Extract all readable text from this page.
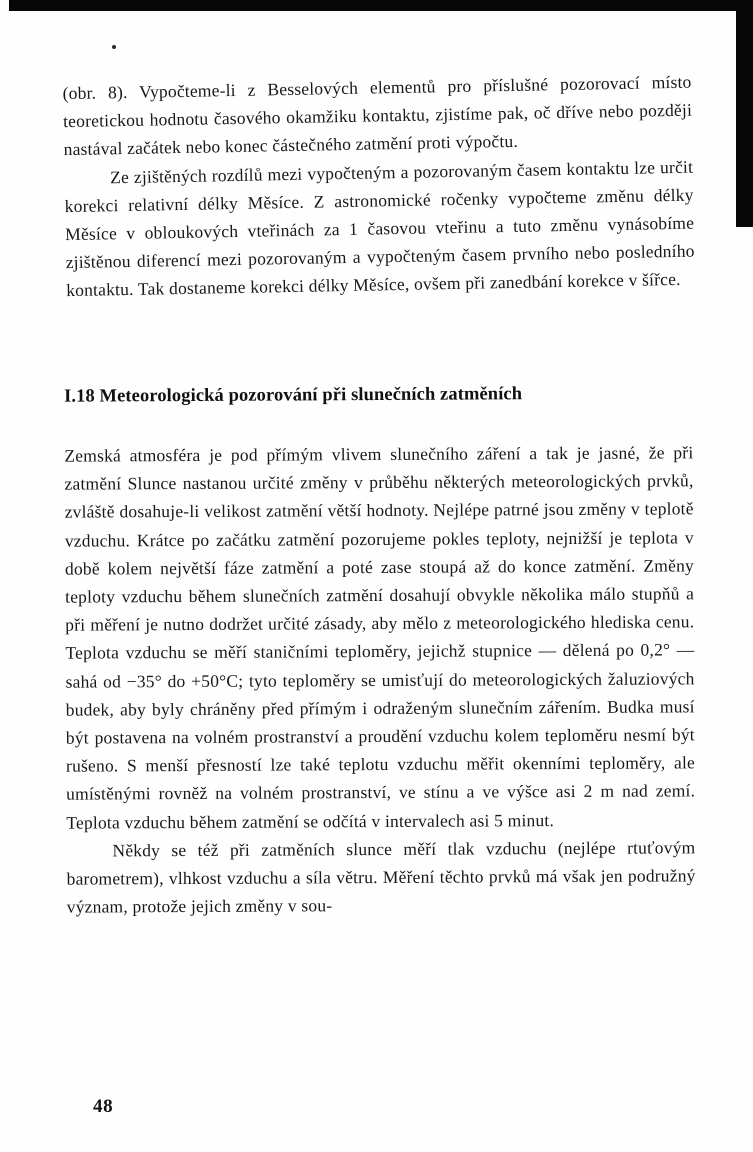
(obr. 8). Vypočteme-li z Besselových elementů pro příslušné pozorovací místo teoretickou hodnotu časového okamžiku kontaktu, zjistíme pak, oč dříve nebo později nastával začátek nebo konec částečného zatmění proti výpočtu.

Ze zjištěných rozdílů mezi vypočteným a pozorovaným časem kontaktu lze určit korekci relativní délky Měsíce. Z astronomické ročenky vypočteme změnu délky Měsíce v obloukových vteřinách za 1 časovou vteřinu a tuto změnu vynásobíme zjištěnou diferencí mezi pozorovaným a vypočteným časem prvního nebo posledního kontaktu. Tak dostaneme korekci délky Měsíce, ovšem při zanedbání korekce v šířce.

I.18 Meteorologická pozorování při slunečních zatměních

Zemská atmosféra je pod přímým vlivem slunečního záření a tak je jasné, že při zatmění Slunce nastanou určité změny v průběhu některých meteorologických prvků, zvláště dosahuje-li velikost zatmění větší hodnoty. Nejlépe patrné jsou změny v teplotě vzduchu. Krátce po začátku zatmění pozorujeme pokles teploty, nejnižší je teplota v době kolem největší fáze zatmění a poté zase stoupá až do konce zatmění. Změny teploty vzduchu během slunečních zatmění dosahují obvykle několika málo stupňů a při měření je nutno dodržet určité zásady, aby mělo z meteorologického hlediska cenu. Teplota vzduchu se měří staničními teploměry, jejichž stupnice — dělená po 0,2° — sahá od −35° do +50°C; tyto teploměry se umisťují do meteorologických žaluziových budek, aby byly chráněny před přímým i odraženým slunečním zářením. Budka musí být postavena na volném prostranství a proudění vzduchu kolem teploměru nesmí být rušeno. S menší přesností lze také teplotu vzduchu měřit okenními teploměry, ale umístěnými rovněž na volném prostranství, ve stínu a ve výšce asi 2 m nad zemí. Teplota vzduchu během zatmění se odčítá v intervalech asi 5 minut.

Někdy se též při zatměních slunce měří tlak vzduchu (nejlépe rtuťovým barometrem), vlhkost vzduchu a síla větru. Měření těchto prvků má však jen podružný význam, protože jejich změny v sou-

48
